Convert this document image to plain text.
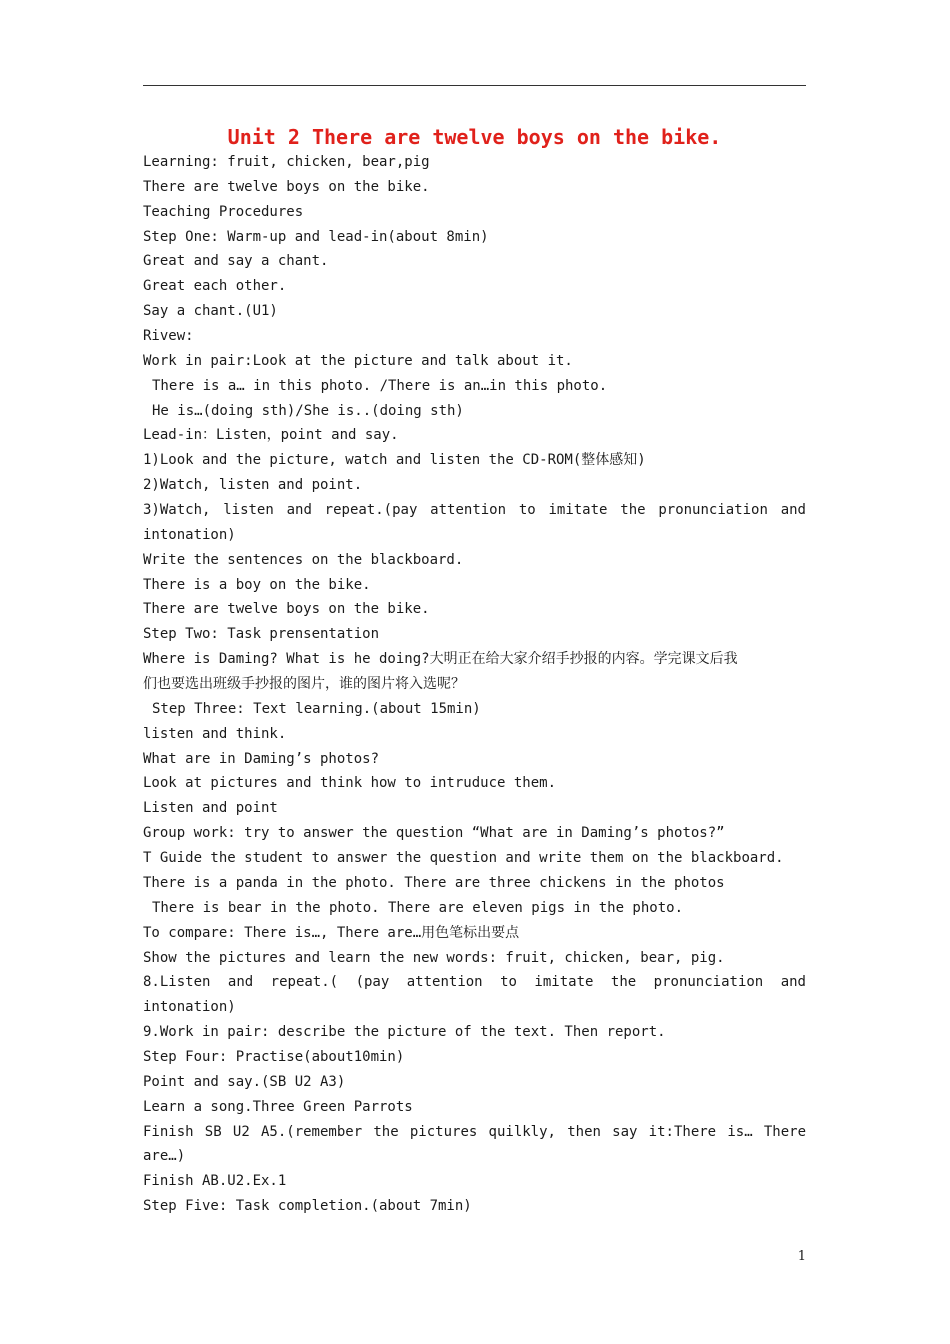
Unit 2 There are twelve boys on the bike.
Learning: fruit, chicken, bear,pig
There are twelve boys on the bike.
Teaching Procedures
Step One: Warm-up and lead-in(about 8min)
Great and say a chant.
Great each other.
Say a chant.(U1)
Rivew:
Work in pair:Look at the picture and talk about it.
There is a… in this photo. /There is an…in this photo.
He is…(doing sth)/She is..(doing sth)
Lead-in：Listen，point and say.
1)Look and the picture, watch and listen the CD-ROM(整体感知)
2)Watch, listen and point.
3)Watch, listen and repeat.(pay attention to imitate the pronunciation and
intonation)
Write the sentences on the blackboard.
There is a boy on the bike.
There are twelve boys on the bike.
Step Two: Task prensentation
Where is Daming? What is he doing?大明正在给大家介绍手抄报的内容。学完课文后我
们也要选出班级手抄报的图片，谁的图片将入选呢？
Step Three: Text learning.(about 15min)
listen and think.
What are in Daming’s photos?
Look at pictures and think how to intruduce them.
Listen and point
Group work: try to answer the question “What are in Daming’s photos?”
T Guide the student to answer the question and write them on the blackboard.
There is a panda in the photo. There are three chickens in the photos
There is bear in the photo. There are eleven pigs in the photo.
To compare: There is…, There are…用色笔标出要点
Show the pictures and learn the new words: fruit, chicken, bear, pig.
8.Listen and repeat.( (pay attention to imitate the pronunciation and
intonation)
9.Work in pair: describe the picture of the text. Then report.
Step Four: Practise(about10min)
Point and say.(SB U2 A3)
Learn a song.Three Green Parrots
Finish SB U2 A5.(remember the pictures quilkly, then say it:There is… There
are…)
Finish AB.U2.Ex.1
Step Five: Task completion.(about 7min)
1
